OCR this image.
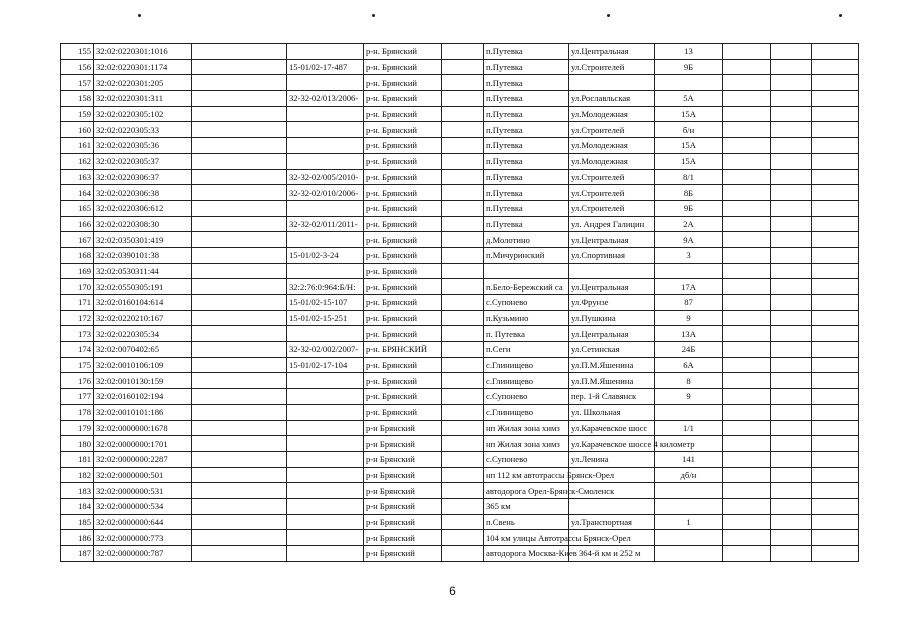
155	32:02:0220301:1016			р-н. Брянский		п.Путевка	ул.Центральная	13			
156	32:02:0220301:1174		15-01/02-17-487	р-н. Брянский		п.Путевка	ул.Строителей	9Б			
157	32:02:0220301:205			р-н. Брянский		п.Путевка					
158	32:02:0220301:311		32-32-02/013/2006-	р-н. Брянский		п.Путевка	ул.Рославльская	5А			
159	32:02:0220305:102			р-н. Брянский		п.Путевка	ул.Молодежная	15А			
160	32:02:0220305:33			р-н. Брянский		п.Путевка	ул.Строителей	б/н			
161	32:02:0220305:36			р-н. Брянский		п.Путевка	ул.Молодежная	15А			
162	32:02:0220305:37			р-н. Брянский		п.Путевка	ул.Молодежная	15А			
163	32:02:0220306:37		32-32-02/005/2010-	р-н. Брянский		п.Путевка	ул.Строителей	8/1			
164	32:02:0220306:38		32-32-02/010/2006-	р-н. Брянский		п.Путевка	ул.Строителей	8Б			
165	32:02:0220306:612			р-н. Брянский		п.Путевка	ул.Строителей	9Б			
166	32:02:0220308:30		32-32-02/011/2011-	р-н. Брянский		п.Путевка	ул. Андрея Галицин	2А			
167	32:02:0350301:419			р-н. Брянский		д.Молотино	ул.Центральная	9А			
168	32:02:0390101:38		15-01/02-3-24	р-н. Брянский		п.Мичуринский	ул.Спортивная	3			
169	32:02:0530311:44			р-н. Брянский							
170	32:02:0550305:191		32:2:76:0:964:Б/Н:	р-н. Брянский		п.Бело-Бережский са	ул.Центральная	17А			
171	32:02:0160104:614		15-01/02-15-107	р-н. Брянский		с.Супонево	ул.Фрунзе	87			
172	32:02:0220210:167		15-01/02-15-251	р-н. Брянский		п.Кузьмино	ул.Пушкина	9			
173	32:02:0220305:34			р-н. Брянский		п. Путевка	ул.Центральная	13А			
174	32:02:0070402:65		32-32-02/002/2007-	р-н. БРЯНСКИЙ		п.Сеги	ул.Сетинская	24Б			
175	32:02:0010106:109		15-01/02-17-104	р-н. Брянский		с.Глинищево	ул.П.М.Яшенина	6А			
176	32:02:0010130:159			р-н. Брянский		с.Глинищево	ул.П.М.Яшенина	8			
177	32:02:0160102:194			р-н. Брянский		с.Супонево	пер. 1-й Славянск	9			
178	32:02:0010101:186			р-н. Брянский		с.Глинищево	ул. Школьная				
179	32:02:0000000:1678			р-н Брянский		нп Жилая зона химз	ул.Карачевское шосс	1/1			
180	32:02:0000000:1701			р-н Брянский		нп Жилая зона химз	ул.Карачевское шоссе 4 километр				
181	32:02:0000000:2287			р-н Брянский		с.Супонево	ул.Ленина	141			
182	32:02:0000000:501			р-н Брянский		нп 112 км автотрассы Брянск-Орел		дб/н			
183	32:02:0000000:531			р-н Брянский		автодорога Орел-Брянск-Смоленск					
184	32:02:0000000:534			р-н Брянский		365 км					
185	32:02:0000000:644			р-н Брянский		п.Свень	ул.Транспортная	1			
186	32:02:0000000:773			р-н Брянский		104 км улицы Автотрассы Брянск-Орел					
187	32:02:0000000:787			р-н Брянский		автодорога Москва-Киев 364-й км и 252 м					
6
